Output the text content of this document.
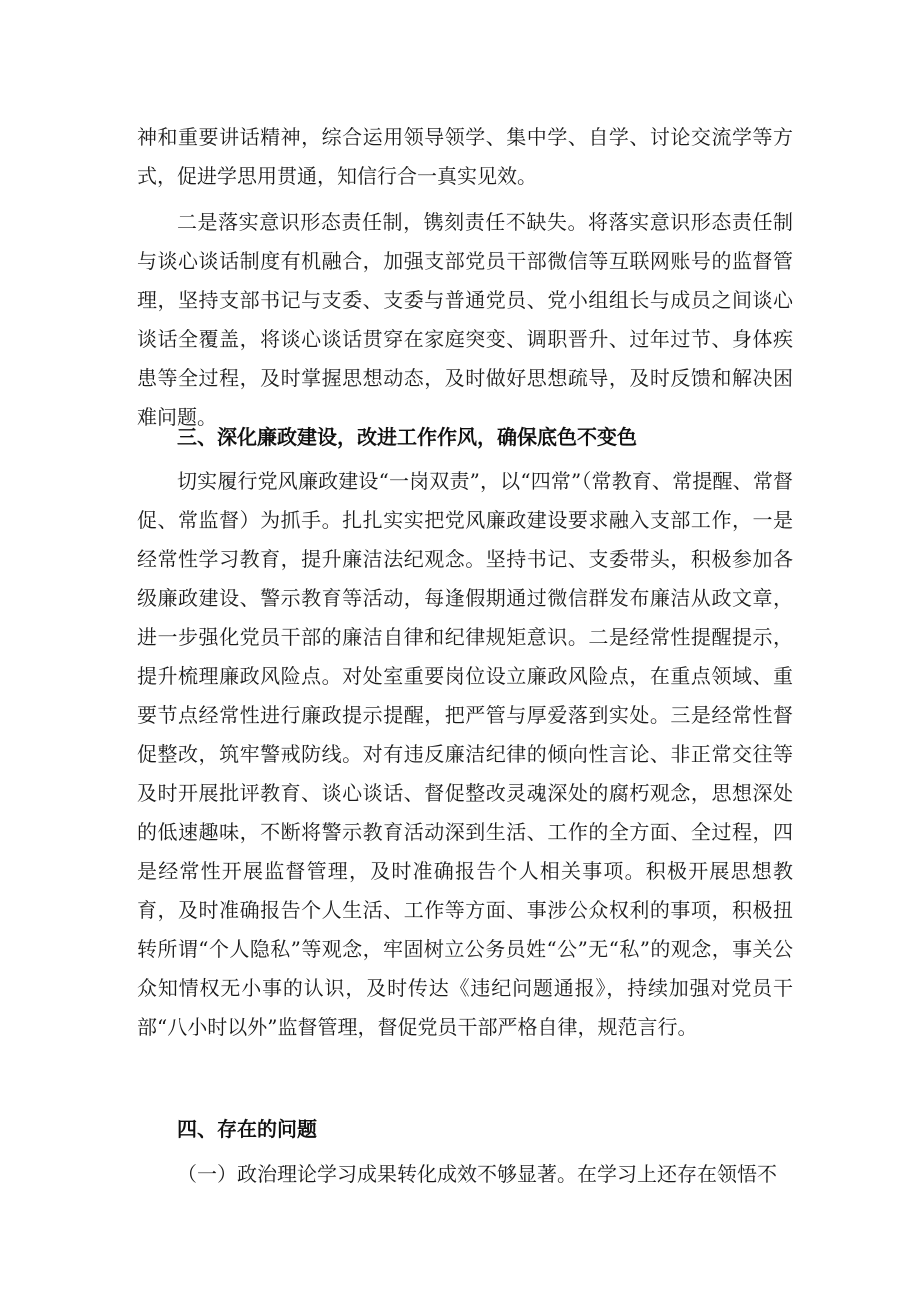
神和重要讲话精神，综合运用领导领学、集中学、自学、讨论交流学等方式，促进学思用贯通，知信行合一真实见效。

二是落实意识形态责任制，镌刻责任不缺失。将落实意识形态责任制与谈心谈话制度有机融合，加强支部党员干部微信等互联网账号的监督管理，坚持支部书记与支委、支委与普通党员、党小组组长与成员之间谈心谈话全覆盖，将谈心谈话贯穿在家庭突变、调职晋升、过年过节、身体疾患等全过程，及时掌握思想动态，及时做好思想疏导，及时反馈和解决困难问题。

三、深化廉政建设，改进工作作风，确保底色不变色

切实履行党风廉政建设“一岗双责”，以“四常”（常教育、常提醒、常督促、常监督）为抓手。扎扎实实把党风廉政建设要求融入支部工作，一是经常性学习教育，提升廉洁法纪观念。坚持书记、支委带头，积极参加各级廉政建设、警示教育等活动，每逢假期通过微信群发布廉洁从政文章，进一步强化党员干部的廉洁自律和纪律规矩意识。二是经常性提醒提示，提升梳理廉政风险点。对处室重要岗位设立廉政风险点，在重点领域、重要节点经常性进行廉政提示提醒，把严管与厚爱落到实处。三是经常性督促整改，筑牢警戒防线。对有违反廉洁纪律的倾向性言论、非正常交往等及时开展批评教育、谈心谈话、督促整改灵魂深处的腐朽观念，思想深处的低速趣味，不断将警示教育活动深到生活、工作的全方面、全过程，四是经常性开展监督管理，及时准确报告个人相关事项。积极开展思想教育，及时准确报告个人生活、工作等方面、事涉公众权利的事项，积极扭转所谓“个人隐私”等观念，牢固树立公务员姓“公”无“私”的观念，事关公众知情权无小事的认识，及时传达《违纪问题通报》，持续加强对党员干部“八小时以外”监督管理，督促党员干部严格自律，规范言行。

四、存在的问题

（一）政治理论学习成果转化成效不够显著。在学习上还存在领悟不
